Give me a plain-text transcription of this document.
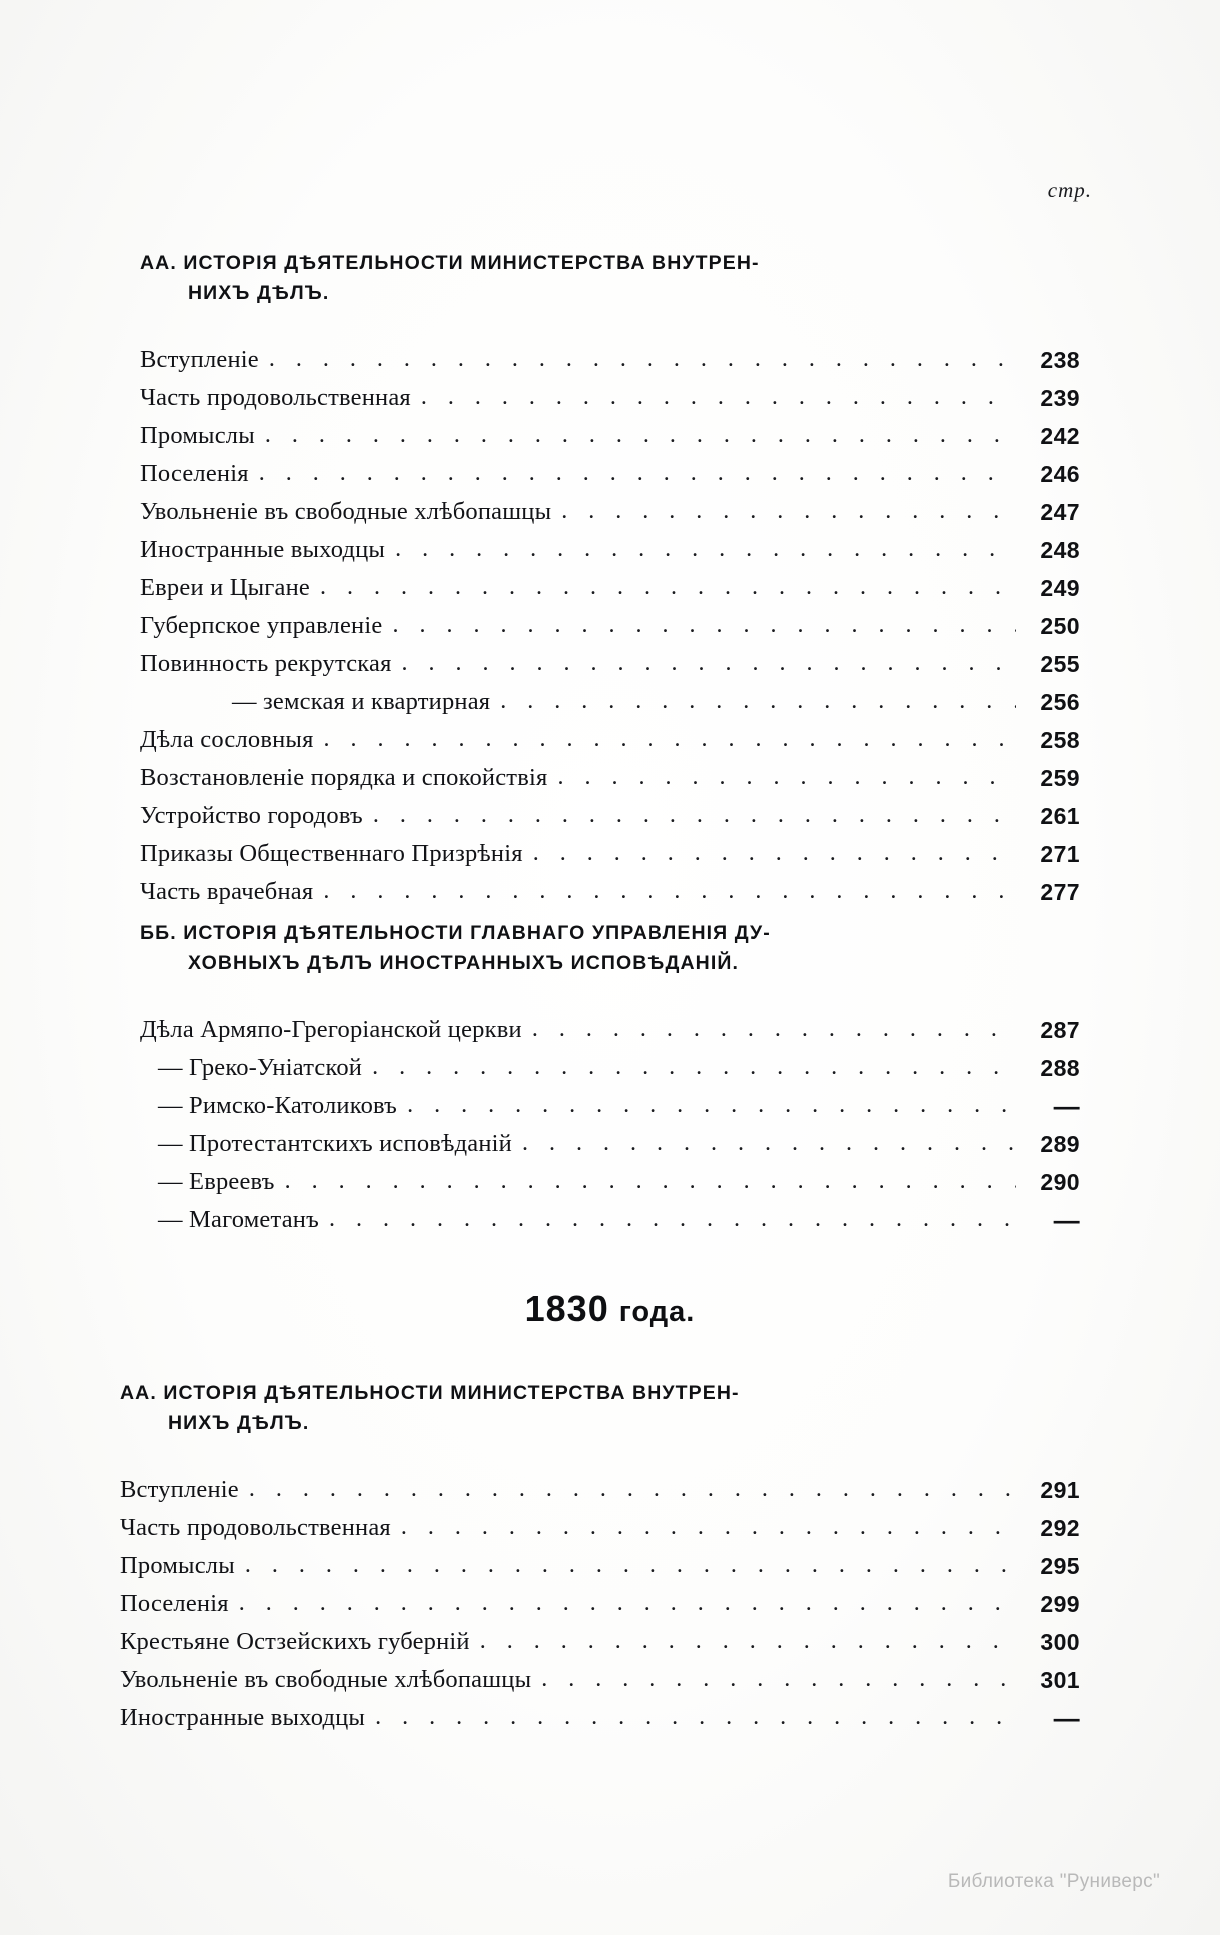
стр.
АА. ИСТОРІЯ ДѢЯТЕЛЬНОСТИ МИНИСТЕРСТВА ВНУТРЕН-
НИХЪ ДѢЛЪ.
Вступленіе . . .	238
Часть продовольственная . . .	239
Промыслы . . .	242
Поселенія . . .	246
Увольненіе въ свободные хлѣбопашцы . . .	247
Иностранные выходцы . . .	248
Евреи и Цыгане . . .	249
Губерпское управленіе . . .	250
Повинность рекрутская . . .	255
— земская и квартирная . . .	256
Дѣла сословныя . . .	258
Возстановленіе порядка и спокойствія . . .	259
Устройство городовъ . . .	261
Приказы Общественнаго Призрѣнія . . .	271
Часть врачебная . . .	277
ББ. ИСТОРІЯ ДѢЯТЕЛЬНОСТИ ГЛАВНАГО УПРАВЛЕНІЯ ДУ-
ХОВНЫХЪ ДѢЛЪ ИНОСТРАННЫХЪ ИСПОВѢДАНІЙ.
Дѣла Армяпо-Грегоріанской церкви . . .	287
— Греко-Уніатской . . .	288
— Римско-Католиковъ . . .	—
— Протестантскихъ исповѣданій . . .	289
— Евреевъ . . .	290
— Магометанъ . . .	—
1830 года.
АА. ИСТОРІЯ ДѢЯТЕЛЬНОСТИ МИНИСТЕРСТВА ВНУТРЕН-
НИХЪ ДѢЛЪ.
Вступленіе . . .	291
Часть продовольственная . . .	292
Промыслы . . .	295
Поселенія . . .	299
Крестьяне Остзейскихъ губерній . . .	300
Увольненіе въ свободные хлѣбопашцы . . .	301
Иностранные выходцы . . .	—
Библиотека "Руниверс"
